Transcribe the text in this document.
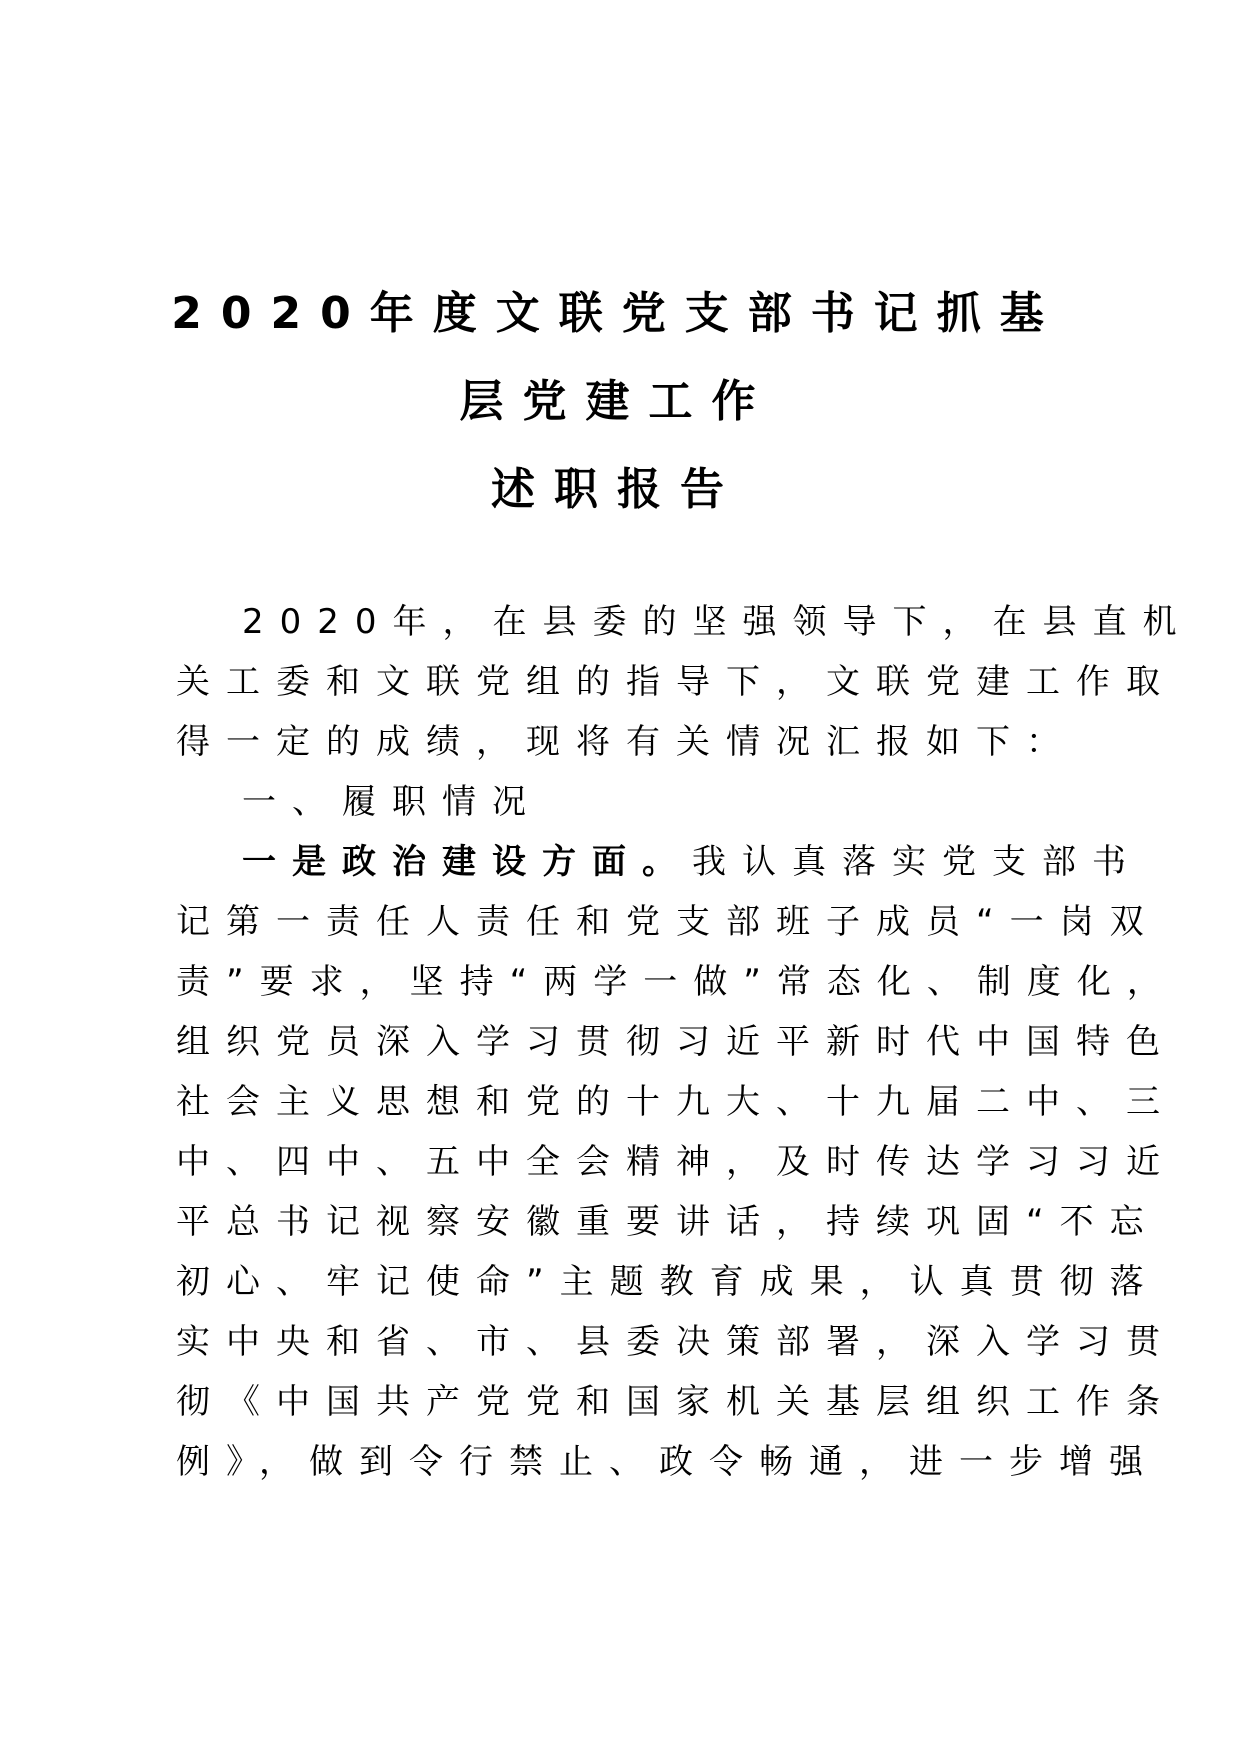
2020年度文联党支部书记抓基
层党建工作
述职报告
2020年，在县委的坚强领导下，在县直机
关工委和文联党组的指导下，文联党建工作取
得一定的成绩，现将有关情况汇报如下：
一、履职情况
一是政治建设方面。我认真落实党支部书
记第一责任人责任和党支部班子成员“一岗双
责”要求，坚持“两学一做”常态化、制度化，
组织党员深入学习贯彻习近平新时代中国特色
社会主义思想和党的十九大、十九届二中、三
中、四中、五中全会精神，及时传达学习习近
平总书记视察安徽重要讲话，持续巩固“不忘
初心、牢记使命”主题教育成果，认真贯彻落
实中央和省、市、县委决策部署，深入学习贯
彻《中国共产党党和国家机关基层组织工作条
例》，做到令行禁止、政令畅通，进一步增强
